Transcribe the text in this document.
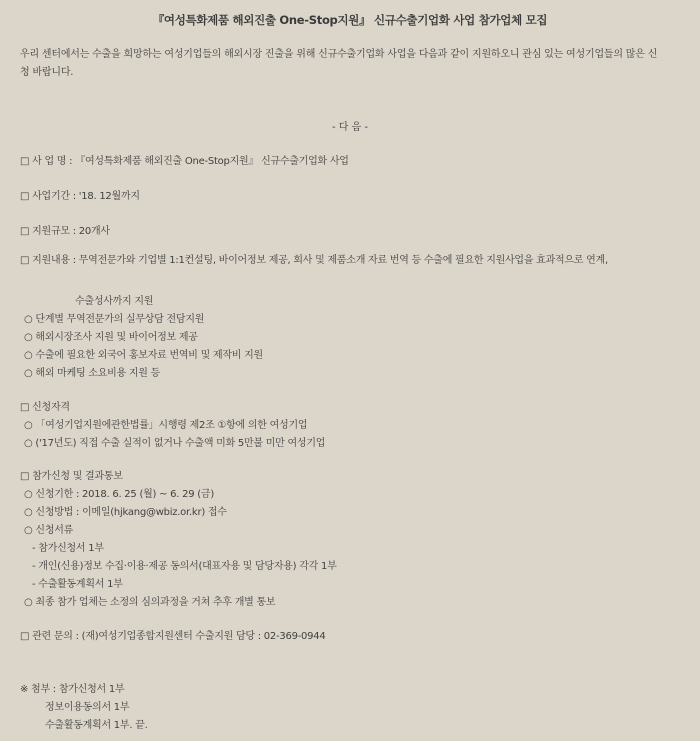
『여성특화제품 해외진출 One-Stop지원』 신규수출기업화 사업 참가업체 모집
우리 센터에서는 수출을 희망하는 여성기업들의 해외시장 진출을 위해 신규수출기업화 사업을 다음과 같이 지원하오니 관심 있는 여성기업들의 많은 신청 바랍니다.
- 다 음 -
□ 사 업 명 : 『여성특화제품 해외진출 One-Stop지원』 신규수출기업화 사업
□ 사업기간 : '18. 12월까지
□ 지원규모 : 20개사
□ 지원내용 : 무역전문가와 기업별 1:1컨설팅, 바이어정보 제공, 회사 및 제품소개 자료 번역 등 수출에 필요한 지원사업을 효과적으로 연계,
수출성사까지 지원
○ 단계별 무역전문가의 실무상담 전담지원
○ 해외시장조사 지원 및 바이어정보 제공
○ 수출에 필요한 외국어 홍보자료 번역비 및 제작비 지원
○ 해외 마케팅 소요비용 지원 등
□ 신청자격
○ 「여성기업지원에관한법률」시행령 제2조 ①항에 의한 여성기업
○ ('17년도) 직접 수출 실적이 없거나 수출액 미화 5만불 미만 여성기업
□ 참가신청 및 결과통보
○ 신청기한 : 2018. 6. 25 (월) ~ 6. 29 (금)
○ 신청방법 : 이메일(hjkang@wbiz.or.kr) 접수
○ 신청서류
- 참가신청서 1부
- 개인(신용)정보 수집·이용·제공 동의서(대표자용 및 담당자용) 각각 1부
- 수출활동계획서 1부
○ 최종 참가 업체는 소정의 심의과정을 거쳐 추후 개별 통보
□ 관련 문의 : (재)여성기업종합지원센터 수출지원 담당 : 02-369-0944
※ 첨부 : 참가신청서 1부
정보이용동의서 1부
수출활동계획서 1부. 끝.
